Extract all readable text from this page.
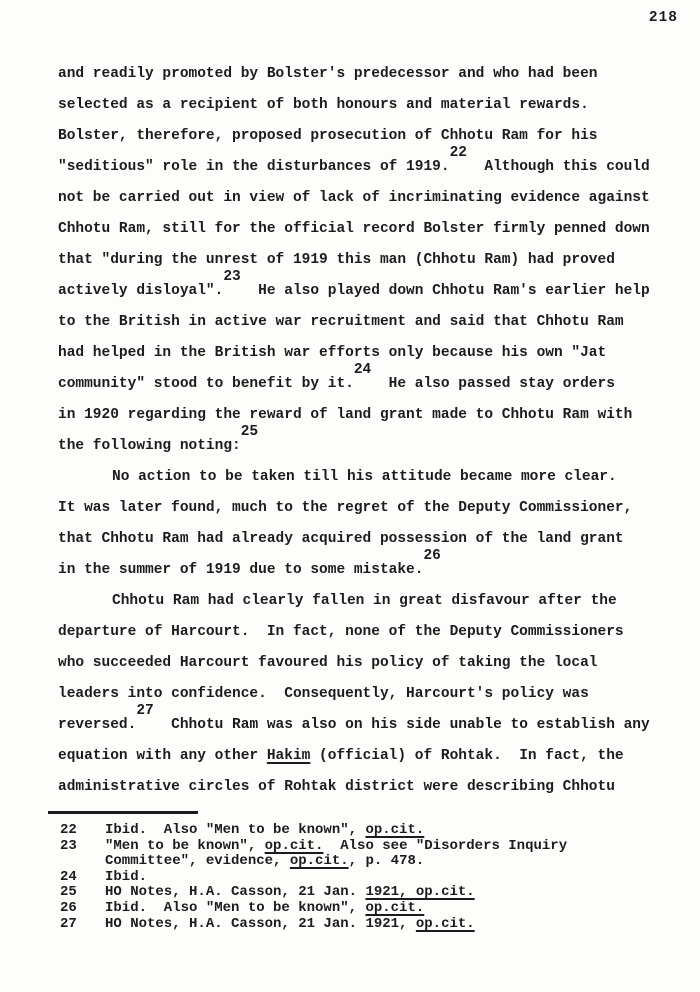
218
and readily promoted by Bolster's predecessor and who had been
selected as a recipient of both honours and material rewards.
Bolster, therefore, proposed prosecution of Chhotu Ram for his
"seditious" role in the disturbances of 1919.22  Although this could
not be carried out in view of lack of incriminating evidence against
Chhotu Ram, still for the official record Bolster firmly penned down
that "during the unrest of 1919 this man (Chhotu Ram) had proved
actively disloyal".23  He also played down Chhotu Ram's earlier help
to the British in active war recruitment and said that Chhotu Ram
had helped in the British war efforts only because his own "Jat
community" stood to benefit by it.24  He also passed stay orders
in 1920 regarding the reward of land grant made to Chhotu Ram with
the following noting:25
No action to be taken till his attitude became more clear.
It was later found, much to the regret of the Deputy Commissioner,
that Chhotu Ram had already acquired possession of the land grant
in the summer of 1919 due to some mistake.26
Chhotu Ram had clearly fallen in great disfavour after the
departure of Harcourt.  In fact, none of the Deputy Commissioners
who succeeded Harcourt favoured his policy of taking the local
leaders into confidence.  Consequently, Harcourt's policy was
reversed.27  Chhotu Ram was also on his side unable to establish any
equation with any other Hakim (official) of Rohtak.  In fact, the
administrative circles of Rohtak district were describing Chhotu
22	Ibid.  Also "Men to be known", op.cit.
23	"Men to be known", op.cit.  Also see "Disorders Inquiry
Committee", evidence, op.cit., p. 478.
24	Ibid.
25	HO Notes, H.A. Casson, 21 Jan. 1921, op.cit.
26	Ibid.  Also "Men to be known", op.cit.
27	HO Notes, H.A. Casson, 21 Jan. 1921, op.cit.
